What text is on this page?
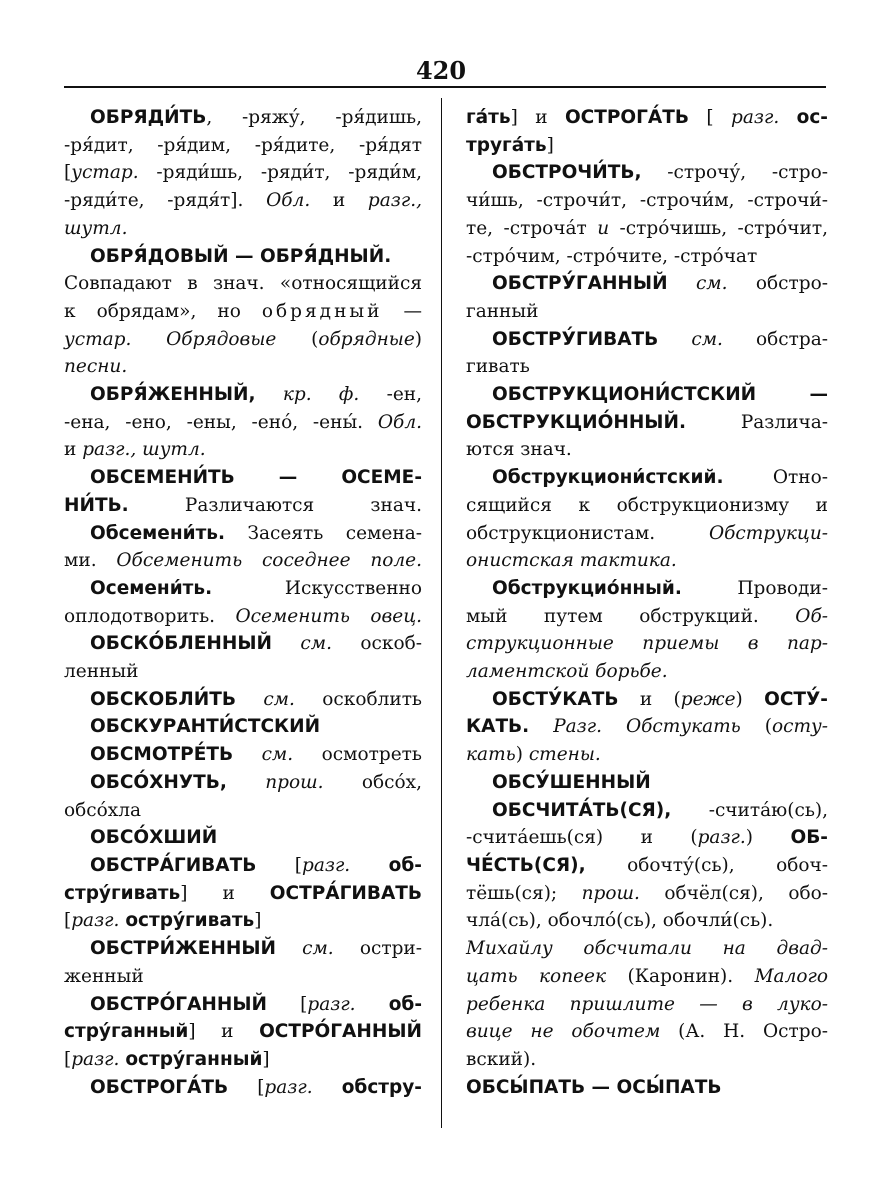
420
ОБРЯДИ́ТЬ, -ряжу́, -ря́дишь,
-ря́дит, -ря́дим, -ря́дите, -ря́дят
[устар. -ряди́шь, -ряди́т, -ряди́м,
-ряди́те, -рядя́т]. Обл. и разг.,
шутл.
ОБРЯ́ДОВЫЙ — ОБРЯ́ДНЫЙ.
Совпадают в знач. «относящийся
к обрядам», но обрядный —
устар. Обрядовые (обрядные)
песни.
ОБРЯ́ЖЕННЫЙ, кр. ф. -ен,
-ена, -ено, -ены, -ено́, -ены́. Обл.
и разг., шутл.
ОБСЕМЕНИ́ТЬ — ОСЕМЕ-
НИ́ТЬ. Различаются знач.
Обсемени́ть. Засеять семена-
ми. Обсеменить соседнее поле.
Осемени́ть. Искусственно
оплодотворить. Осеменить овец.
ОБСКО́БЛЕННЫЙ см. оскоб-
ленный
ОБСКОБЛИ́ТЬ см. оскоблить
ОБСКУРАНТИ́СТСКИЙ
ОБСМОТРЕ́ТЬ см. осмотреть
ОБСО́ХНУТЬ, прош. обсо́х,
обсо́хла
ОБСО́ХШИЙ
ОБСТРА́ГИВАТЬ [разг. об-
стру́гивать] и ОСТРА́ГИВАТЬ
[разг. остру́гивать]
ОБСТРИ́ЖЕННЫЙ см. остри-
женный
ОБСТРО́ГАННЫЙ [разг. об-
стру́ганный] и ОСТРО́ГАННЫЙ
[разг. остру́ганный]
ОБСТРОГА́ТЬ [разг. обстру-
га́ть] и ОСТРОГА́ТЬ [ разг. ос-
труга́ть]
ОБСТРОЧИ́ТЬ, -строчу́, -стро-
чи́шь, -строчи́т, -строчи́м, -строчи́-
те, -строча́т и -стро́чишь, -стро́чит,
-стро́чим, -стро́чите, -стро́чат
ОБСТРУ́ГАННЫЙ см. обстро-
ганный
ОБСТРУ́ГИВАТЬ см. обстра-
гивать
ОБСТРУКЦИОНИ́СТСКИЙ —
ОБСТРУКЦИО́ННЫЙ. Различа-
ются знач.
Обструкциони́стский. Отно-
сящийся к обструкционизму и
обструкционистам. Обструкци-
онистская тактика.
Обструкцио́нный. Проводи-
мый путем обструкций. Об-
струкционные приемы в пар-
ламентской борьбе.
ОБСТУ́КАТЬ и (реже) ОСТУ́-
КАТЬ. Разг. Обстукать (осту-
кать) стены.
ОБСУ́ШЕННЫЙ
ОБСЧИТА́ТЬ(СЯ), -счита́ю(сь),
-счита́ешь(ся) и (разг.) ОБ-
ЧЕ́СТЬ(СЯ), обочту́(сь), обоч-
тёшь(ся); прош. обчёл(ся), обо-
чла́(сь), обочло́(сь), обочли́(сь).
Михайлу обсчитали на двад-
цать копеек (Каронин). Малого
ребенка пришлите — в луко-
вице не обочтем (А. Н. Остро-
вский).
ОБСЫ́ПАТЬ — ОСЫ́ПАТЬ
